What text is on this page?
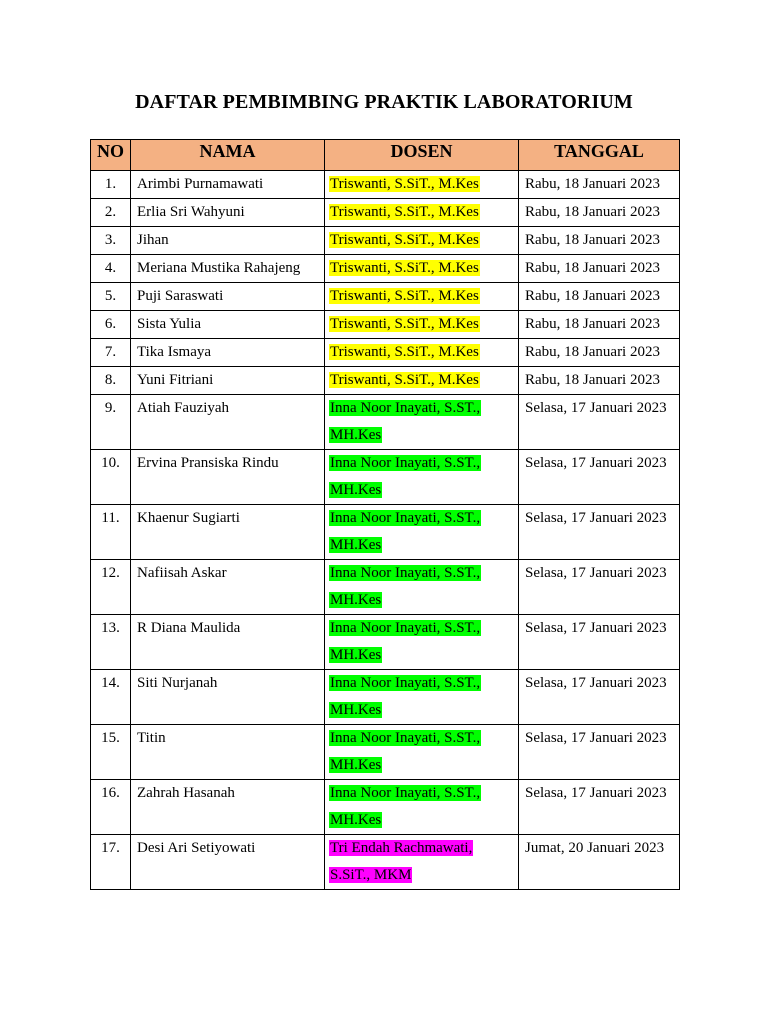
DAFTAR PEMBIMBING PRAKTIK LABORATORIUM
NO	NAMA	DOSEN	TANGGAL
1.	Arimbi Purnamawati	Triswanti, S.SiT., M.Kes	Rabu, 18 Januari 2023
2.	Erlia Sri Wahyuni	Triswanti, S.SiT., M.Kes	Rabu, 18 Januari 2023
3.	Jihan	Triswanti, S.SiT., M.Kes	Rabu, 18 Januari 2023
4.	Meriana Mustika Rahajeng	Triswanti, S.SiT., M.Kes	Rabu, 18 Januari 2023
5.	Puji Saraswati	Triswanti, S.SiT., M.Kes	Rabu, 18 Januari 2023
6.	Sista Yulia	Triswanti, S.SiT., M.Kes	Rabu, 18 Januari 2023
7.	Tika Ismaya	Triswanti, S.SiT., M.Kes	Rabu, 18 Januari 2023
8.	Yuni Fitriani	Triswanti, S.SiT., M.Kes	Rabu, 18 Januari 2023
9.	Atiah Fauziyah	Inna Noor Inayati, S.ST., MH.Kes	Selasa, 17 Januari 2023
10.	Ervina Pransiska Rindu	Inna Noor Inayati, S.ST., MH.Kes	Selasa, 17 Januari 2023
11.	Khaenur Sugiarti	Inna Noor Inayati, S.ST., MH.Kes	Selasa, 17 Januari 2023
12.	Nafiisah Askar	Inna Noor Inayati, S.ST., MH.Kes	Selasa, 17 Januari 2023
13.	R Diana Maulida	Inna Noor Inayati, S.ST., MH.Kes	Selasa, 17 Januari 2023
14.	Siti Nurjanah	Inna Noor Inayati, S.ST., MH.Kes	Selasa, 17 Januari 2023
15.	Titin	Inna Noor Inayati, S.ST., MH.Kes	Selasa, 17 Januari 2023
16.	Zahrah Hasanah	Inna Noor Inayati, S.ST., MH.Kes	Selasa, 17 Januari 2023
17.	Desi Ari Setiyowati	Tri Endah Rachmawati, S.SiT., MKM	Jumat, 20 Januari 2023
